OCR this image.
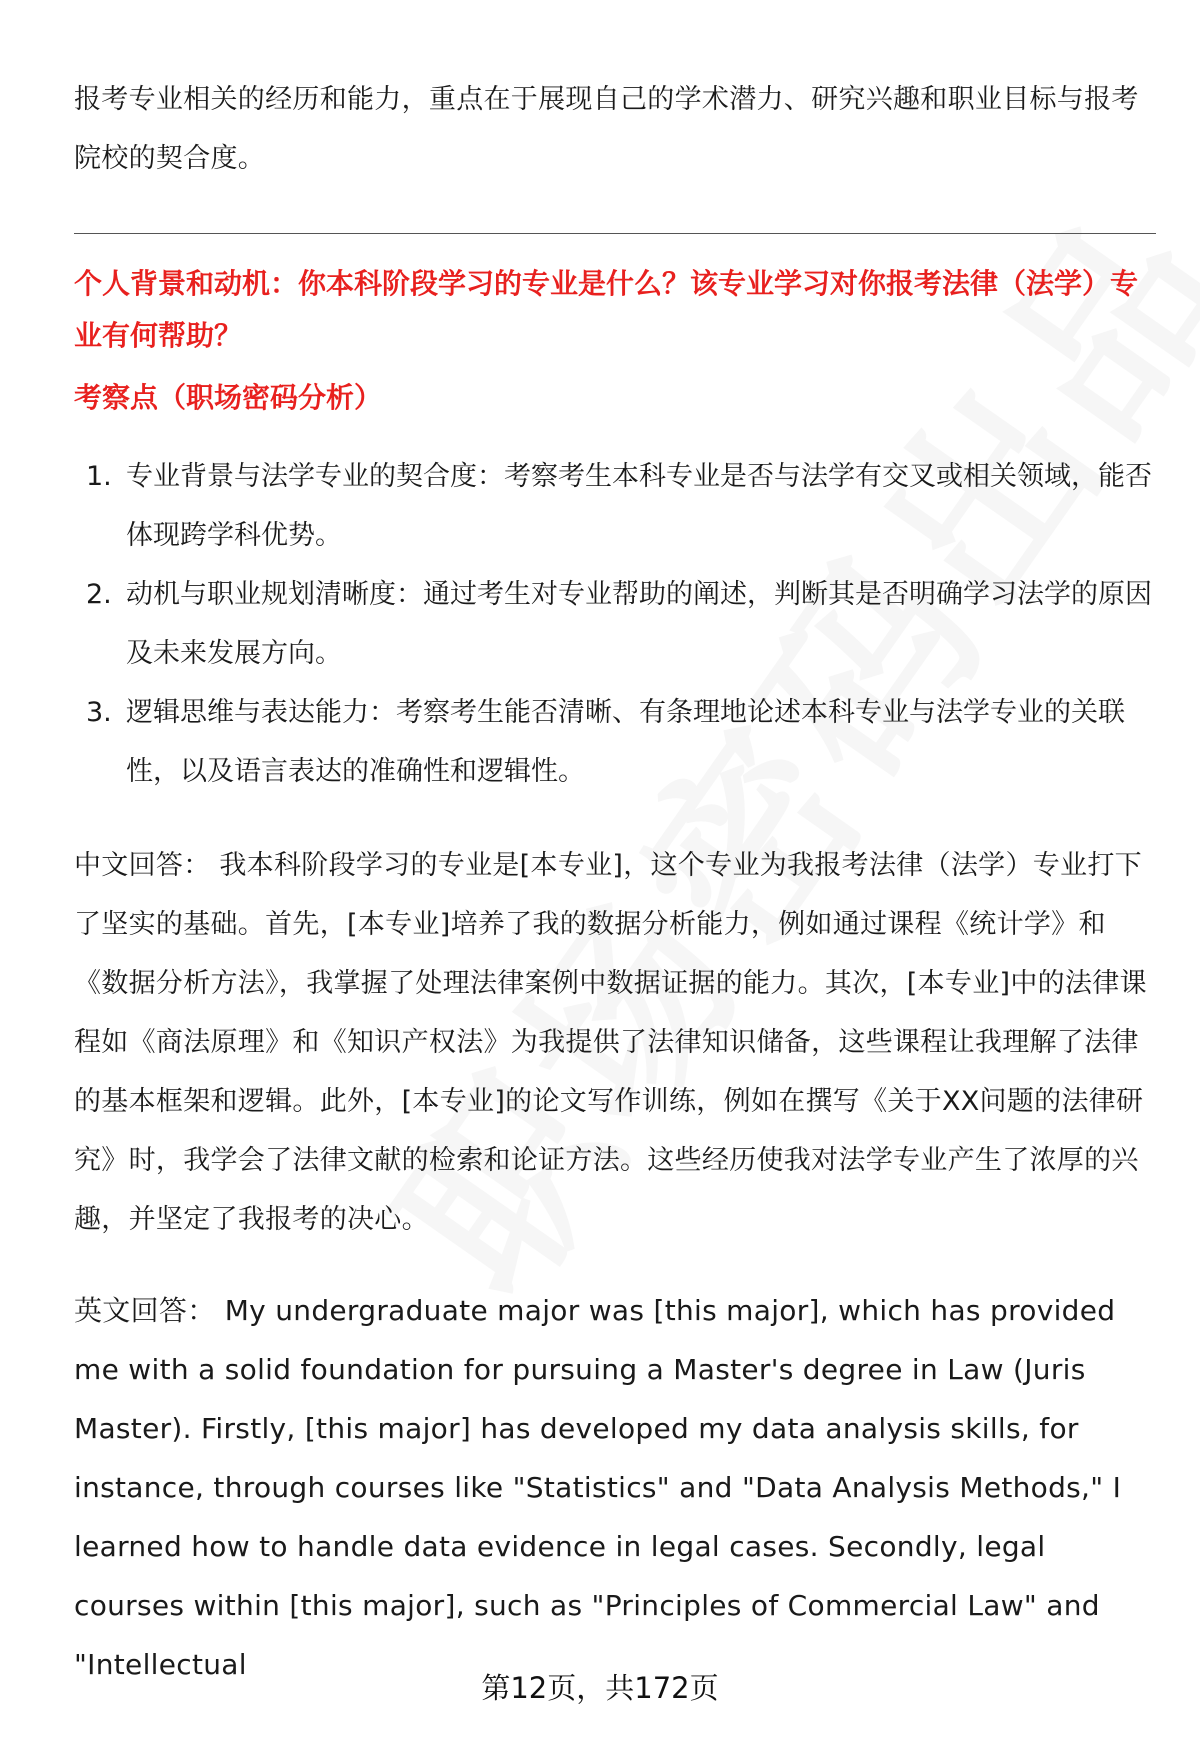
报考专业相关的经历和能力，重点在于展现自己的学术潜力、研究兴趣和职业目标与报考院校的契合度。

个人背景和动机：你本科阶段学习的专业是什么？该专业学习对你报考法律（法学）专业有何帮助？

考察点（职场密码分析）

1. 专业背景与法学专业的契合度：考察考生本科专业是否与法学有交叉或相关领域，能否体现跨学科优势。
2. 动机与职业规划清晰度：通过考生对专业帮助的阐述，判断其是否明确学习法学的原因及未来发展方向。
3. 逻辑思维与表达能力：考察考生能否清晰、有条理地论述本科专业与法学专业的关联性，以及语言表达的准确性和逻辑性。

中文回答： 我本科阶段学习的专业是[本专业]，这个专业为我报考法律（法学）专业打下了坚实的基础。首先，[本专业]培养了我的数据分析能力，例如通过课程《统计学》和《数据分析方法》，我掌握了处理法律案例中数据证据的能力。其次，[本专业]中的法律课程如《商法原理》和《知识产权法》为我提供了法律知识储备，这些课程让我理解了法律的基本框架和逻辑。此外，[本专业]的论文写作训练，例如在撰写《关于XX问题的法律研究》时，我学会了法律文献的检索和论证方法。这些经历使我对法学专业产生了浓厚的兴趣，并坚定了我报考的决心。

英文回答： My undergraduate major was [this major], which has provided me with a solid foundation for pursuing a Master's degree in Law (Juris Master). Firstly, [this major] has developed my data analysis skills, for instance, through courses like "Statistics" and "Data Analysis Methods," I learned how to handle data evidence in legal cases. Secondly, legal courses within [this major], such as "Principles of Commercial Law" and "Intellectual

第12页，共172页
